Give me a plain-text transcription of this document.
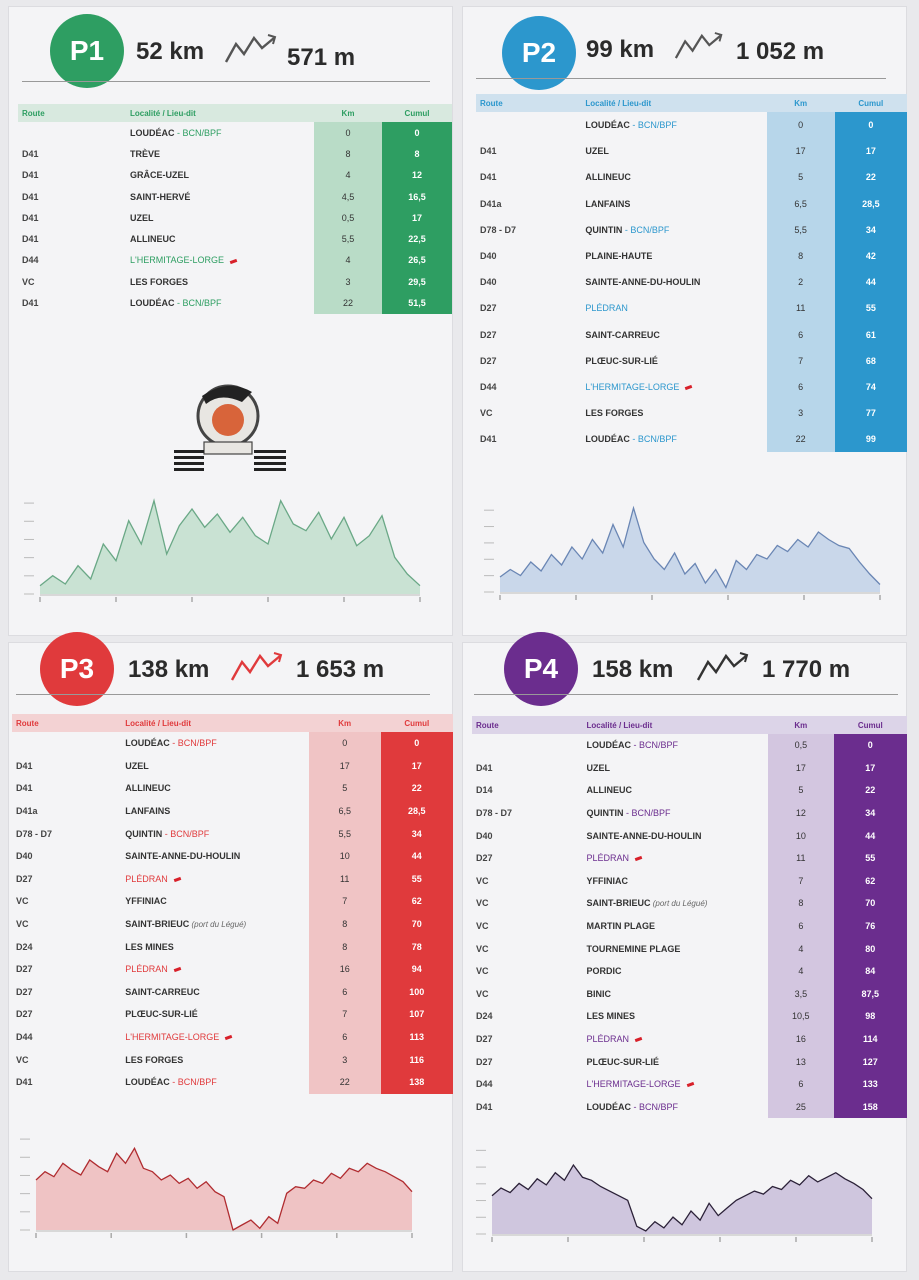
P1	52 km	571 m
Route	Localité / Lieu-dit	Km	Cumul
	LOUDÉAC - BCN/BPF	0	0
D41	TRÈVE	8	8
D41	GRÂCE-UZEL	4	12
D41	SAINT-HERVÉ	4,5	16,5
D41	UZEL	0,5	17
D41	ALLINEUC	5,5	22,5
D44	L'HERMITAGE-LORGE	4	26,5
VC	LES FORGES	3	29,5
D41	LOUDÉAC - BCN/BPF	22	51,5
P2	99 km	1 052 m
Route	Localité / Lieu-dit	Km	Cumul
	LOUDÉAC - BCN/BPF	0	0
D41	UZEL	17	17
D41	ALLINEUC	5	22
D41a	LANFAINS	6,5	28,5
D78 - D7	QUINTIN - BCN/BPF	5,5	34
D40	PLAINE-HAUTE	8	42
D40	SAINTE-ANNE-DU-HOULIN	2	44
D27	PLÉDRAN	11	55
D27	SAINT-CARREUC	6	61
D27	PLŒUC-SUR-LIÉ	7	68
D44	L'HERMITAGE-LORGE	6	74
VC	LES FORGES	3	77
D41	LOUDÉAC - BCN/BPF	22	99
P3	138 km	1 653 m
Route	Localité / Lieu-dit	Km	Cumul
	LOUDÉAC - BCN/BPF	0	0
D41	UZEL	17	17
D41	ALLINEUC	5	22
D41a	LANFAINS	6,5	28,5
D78 - D7	QUINTIN - BCN/BPF	5,5	34
D40	SAINTE-ANNE-DU-HOULIN	10	44
D27	PLÉDRAN	11	55
VC	YFFINIAC	7	62
VC	SAINT-BRIEUC (port du Légué)	8	70
D24	LES MINES	8	78
D27	PLÉDRAN	16	94
D27	SAINT-CARREUC	6	100
D27	PLŒUC-SUR-LIÉ	7	107
D44	L'HERMITAGE-LORGE	6	113
VC	LES FORGES	3	116
D41	LOUDÉAC - BCN/BPF	22	138
P4	158 km	1 770 m
Route	Localité / Lieu-dit	Km	Cumul
	LOUDÉAC - BCN/BPF	0,5	0
D41	UZEL	17	17
D14	ALLINEUC	5	22
D78 - D7	QUINTIN - BCN/BPF	12	34
D40	SAINTE-ANNE-DU-HOULIN	10	44
D27	PLÉDRAN	11	55
VC	YFFINIAC	7	62
VC	SAINT-BRIEUC (port du Légué)	8	70
VC	MARTIN PLAGE	6	76
VC	TOURNEMINE PLAGE	4	80
VC	PORDIC	4	84
VC	BINIC	3,5	87,5
D24	LES MINES	10,5	98
D27	PLÉDRAN	16	114
D27	PLŒUC-SUR-LIÉ	13	127
D44	L'HERMITAGE-LORGE	6	133
D41	LOUDÉAC - BCN/BPF	25	158
